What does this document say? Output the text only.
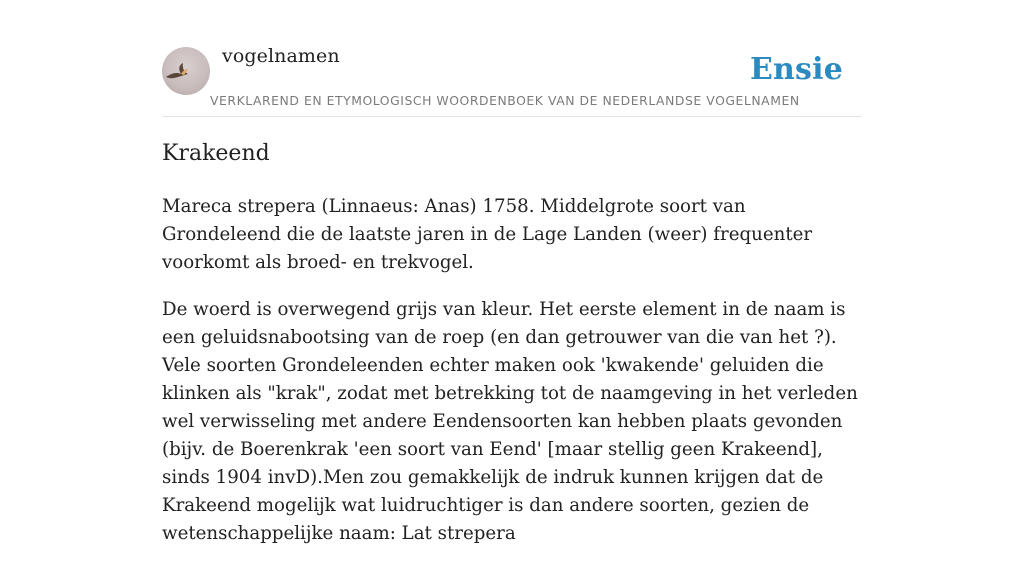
vogelnamen
VERKLAREND EN ETYMOLOGISCH WOORDENBOEK VAN DE NEDERLANDSE VOGELNAMEN
Ensie
Krakeend

Mareca strepera (Linnaeus: Anas) 1758. Middelgrote soort van Grondeleend die de laatste jaren in de Lage Landen (weer) frequenter voorkomt als broed- en trekvogel.

De woerd is overwegend grijs van kleur. Het eerste element in de naam is een geluidsnabootsing van de roep (en dan getrouwer van die van het ?). Vele soorten Grondeleenden echter maken ook 'kwakende' geluiden die klinken als "krak", zodat met betrekking tot de naamgeving in het verleden wel verwisseling met andere Eendensoorten kan hebben plaats gevonden (bijv. de Boerenkrak 'een soort van Eend' [maar stellig geen Krakeend], sinds 1904 invD).Men zou gemakkelijk de indruk kunnen krijgen dat de Krakeend mogelijk wat luidruchtiger is dan andere soorten, gezien de wetenschappelijke naam: Lat strepera
